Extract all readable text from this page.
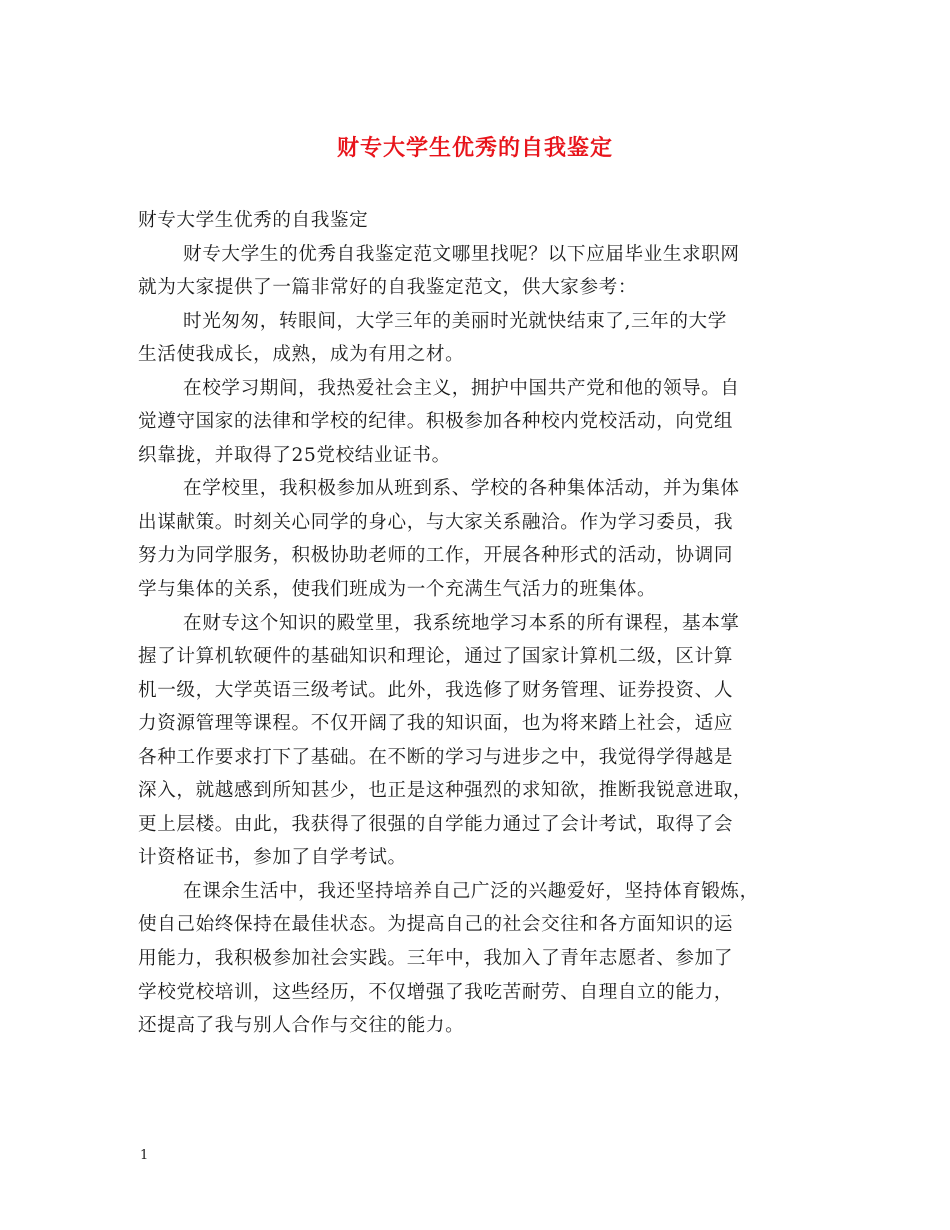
财专大学生优秀的自我鉴定
财专大学生优秀的自我鉴定
财专大学生的优秀自我鉴定范文哪里找呢？以下应届毕业生求职网
就为大家提供了一篇非常好的自我鉴定范文，供大家参考：
时光匆匆，转眼间，大学三年的美丽时光就快结束了,三年的大学
生活使我成长，成熟，成为有用之材。
在校学习期间，我热爱社会主义，拥护中国共产党和他的领导。自
觉遵守国家的法律和学校的纪律。积极参加各种校内党校活动，向党组
织靠拢，并取得了25党校结业证书。
在学校里，我积极参加从班到系、学校的各种集体活动，并为集体
出谋献策。时刻关心同学的身心，与大家关系融洽。作为学习委员，我
努力为同学服务，积极协助老师的工作，开展各种形式的活动，协调同
学与集体的关系，使我们班成为一个充满生气活力的班集体。
在财专这个知识的殿堂里，我系统地学习本系的所有课程，基本掌
握了计算机软硬件的基础知识和理论，通过了国家计算机二级，区计算
机一级，大学英语三级考试。此外，我选修了财务管理、证券投资、人
力资源管理等课程。不仅开阔了我的知识面，也为将来踏上社会，适应
各种工作要求打下了基础。在不断的学习与进步之中，我觉得学得越是
深入，就越感到所知甚少，也正是这种强烈的求知欲，推断我锐意进取，
更上层楼。由此，我获得了很强的自学能力通过了会计考试，取得了会
计资格证书，参加了自学考试。
在课余生活中，我还坚持培养自己广泛的兴趣爱好，坚持体育锻炼，
使自己始终保持在最佳状态。为提高自己的社会交往和各方面知识的运
用能力，我积极参加社会实践。三年中，我加入了青年志愿者、参加了
学校党校培训，这些经历，不仅增强了我吃苦耐劳、自理自立的能力，
还提高了我与别人合作与交往的能力。
1
